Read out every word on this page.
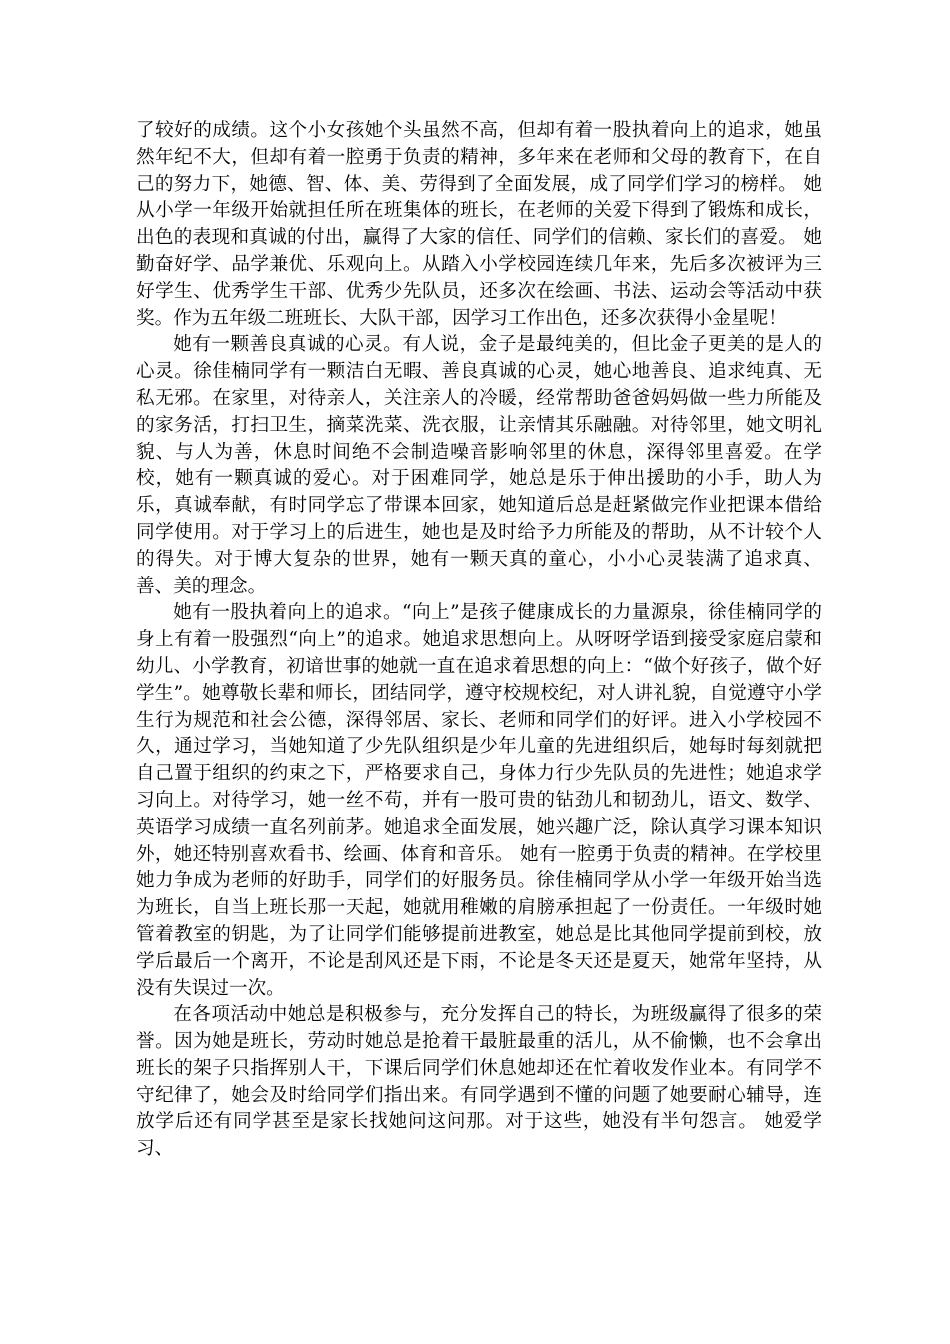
了较好的成绩。这个小女孩她个头虽然不高，但却有着一股执着向上的追求，她虽然年纪不大，但却有着一腔勇于负责的精神，多年来在老师和父母的教育下，在自己的努力下，她德、智、体、美、劳得到了全面发展，成了同学们学习的榜样。 她从小学一年级开始就担任所在班集体的班长，在老师的关爱下得到了锻炼和成长，出色的表现和真诚的付出，赢得了大家的信任、同学们的信赖、家长们的喜爱。 她勤奋好学、品学兼优、乐观向上。从踏入小学校园连续几年来，先后多次被评为三好学生、优秀学生干部、优秀少先队员，还多次在绘画、书法、运动会等活动中获奖。作为五年级二班班长、大队干部，因学习工作出色，还多次获得小金星呢！

她有一颗善良真诚的心灵。有人说，金子是最纯美的，但比金子更美的是人的心灵。徐佳楠同学有一颗洁白无暇、善良真诚的心灵，她心地善良、追求纯真、无私无邪。在家里，对待亲人，关注亲人的冷暖，经常帮助爸爸妈妈做一些力所能及的家务活，打扫卫生，摘菜洗菜、洗衣服，让亲情其乐融融。对待邻里，她文明礼貌、与人为善，休息时间绝不会制造噪音影响邻里的休息，深得邻里喜爱。在学校，她有一颗真诚的爱心。对于困难同学，她总是乐于伸出援助的小手，助人为乐，真诚奉献，有时同学忘了带课本回家，她知道后总是赶紧做完作业把课本借给同学使用。对于学习上的后进生，她也是及时给予力所能及的帮助，从不计较个人的得失。对于博大复杂的世界，她有一颗天真的童心，小小心灵装满了追求真、善、美的理念。

她有一股执着向上的追求。“向上”是孩子健康成长的力量源泉，徐佳楠同学的身上有着一股强烈“向上”的追求。她追求思想向上。从呀呀学语到接受家庭启蒙和幼儿、小学教育，初谙世事的她就一直在追求着思想的向上：“做个好孩子，做个好学生”。她尊敬长辈和师长，团结同学，遵守校规校纪，对人讲礼貌，自觉遵守小学生行为规范和社会公德，深得邻居、家长、老师和同学们的好评。进入小学校园不久，通过学习，当她知道了少先队组织是少年儿童的先进组织后，她每时每刻就把自己置于组织的约束之下，严格要求自己，身体力行少先队员的先进性；她追求学习向上。对待学习，她一丝不苟，并有一股可贵的钻劲儿和韧劲儿，语文、数学、英语学习成绩一直名列前茅。她追求全面发展，她兴趣广泛，除认真学习课本知识外，她还特别喜欢看书、绘画、体育和音乐。 她有一腔勇于负责的精神。在学校里她力争成为老师的好助手，同学们的好服务员。徐佳楠同学从小学一年级开始当选为班长，自当上班长那一天起，她就用稚嫩的肩膀承担起了一份责任。一年级时她管着教室的钥匙，为了让同学们能够提前进教室，她总是比其他同学提前到校，放学后最后一个离开，不论是刮风还是下雨，不论是冬天还是夏天，她常年坚持，从没有失误过一次。

在各项活动中她总是积极参与，充分发挥自己的特长，为班级赢得了很多的荣誉。因为她是班长，劳动时她总是抢着干最脏最重的活儿，从不偷懒，也不会拿出班长的架子只指挥别人干，下课后同学们休息她却还在忙着收发作业本。有同学不守纪律了，她会及时给同学们指出来。有同学遇到不懂的问题了她要耐心辅导，连放学后还有同学甚至是家长找她问这问那。对于这些，她没有半句怨言。 她爱学习、
